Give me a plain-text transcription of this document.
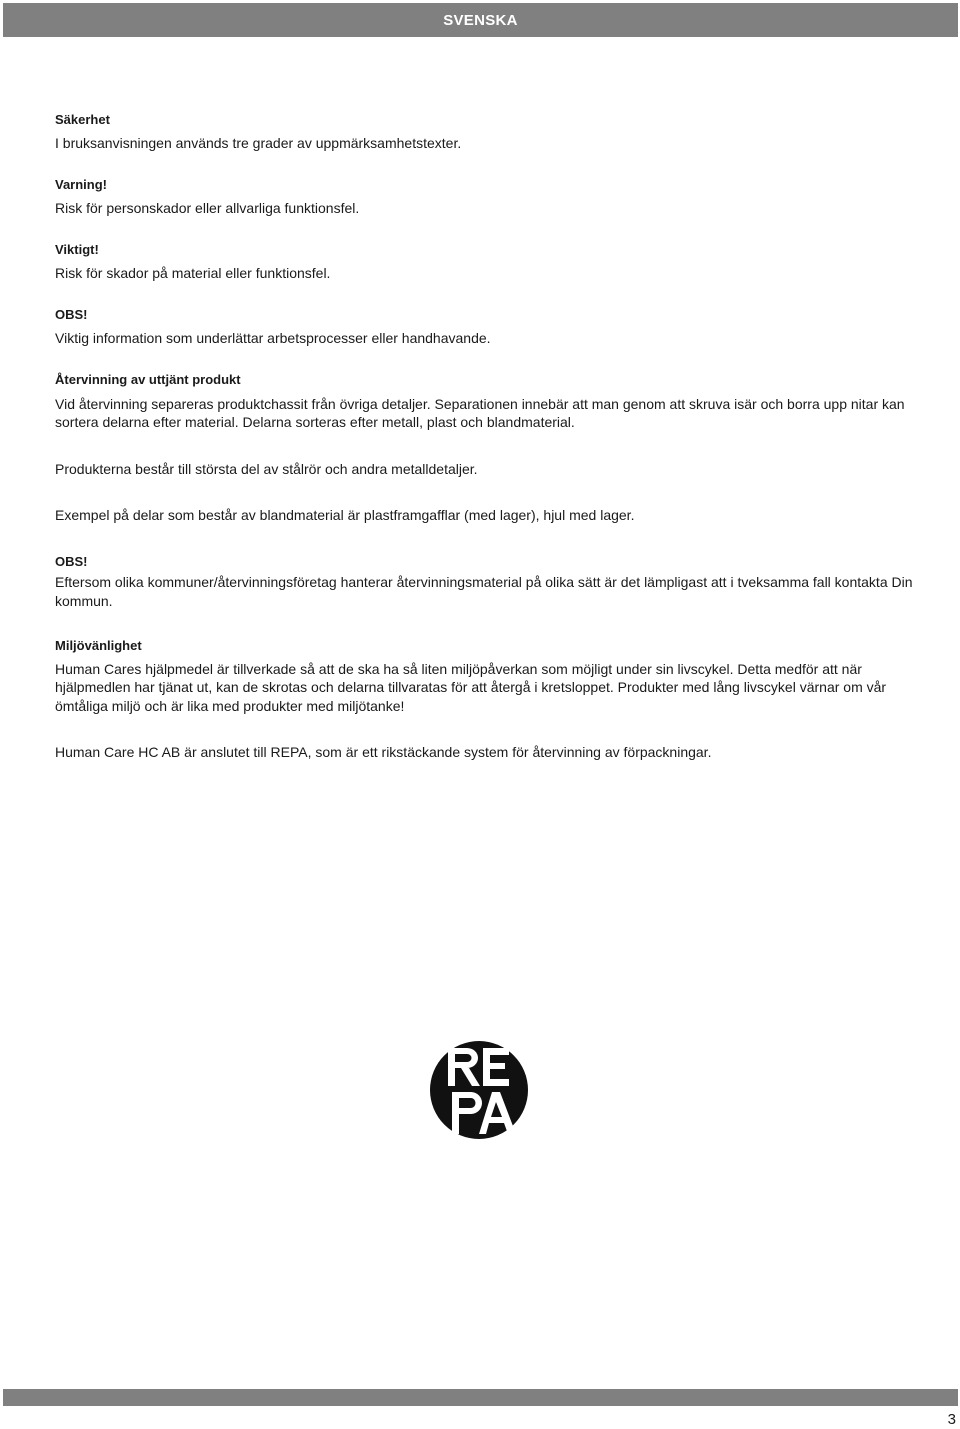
SVENSKA

Säkerhet

I bruksanvisningen används tre grader av uppmärksamhetstexter.

Varning!

Risk för personskador eller allvarliga funktionsfel.

Viktigt!

Risk för skador på material eller funktionsfel.

OBS!

Viktig information som underlättar arbetsprocesser eller handhavande.

Återvinning av uttjänt produkt

Vid återvinning separeras produktchassit från övriga detaljer. Separationen innebär att man genom att skruva isär och borra upp nitar kan sortera delarna efter material. Delarna sorteras efter metall, plast och blandmaterial.

Produkterna består till största del av stålrör och andra metalldetaljer.

Exempel på delar som består av blandmaterial är plastframgafflar (med lager), hjul med lager.

OBS!

Eftersom olika kommuner/återvinningsföretag hanterar återvinningsmaterial på olika sätt är det lämpligast att i tveksamma fall kontakta Din kommun.

Miljövänlighet

Human Cares hjälpmedel är tillverkade så att de ska ha så liten miljöpåverkan som möjligt under sin livscykel. Detta medför att när hjälpmedlen har tjänat ut, kan de skrotas och delarna tillvaratas för att återgå i kretsloppet. Produkter med lång livscykel värnar om vår ömtåliga miljö och är lika med produkter med miljötanke!

Human Care HC AB är anslutet till REPA, som är ett rikstäckande system för återvinning av förpackningar.

3
